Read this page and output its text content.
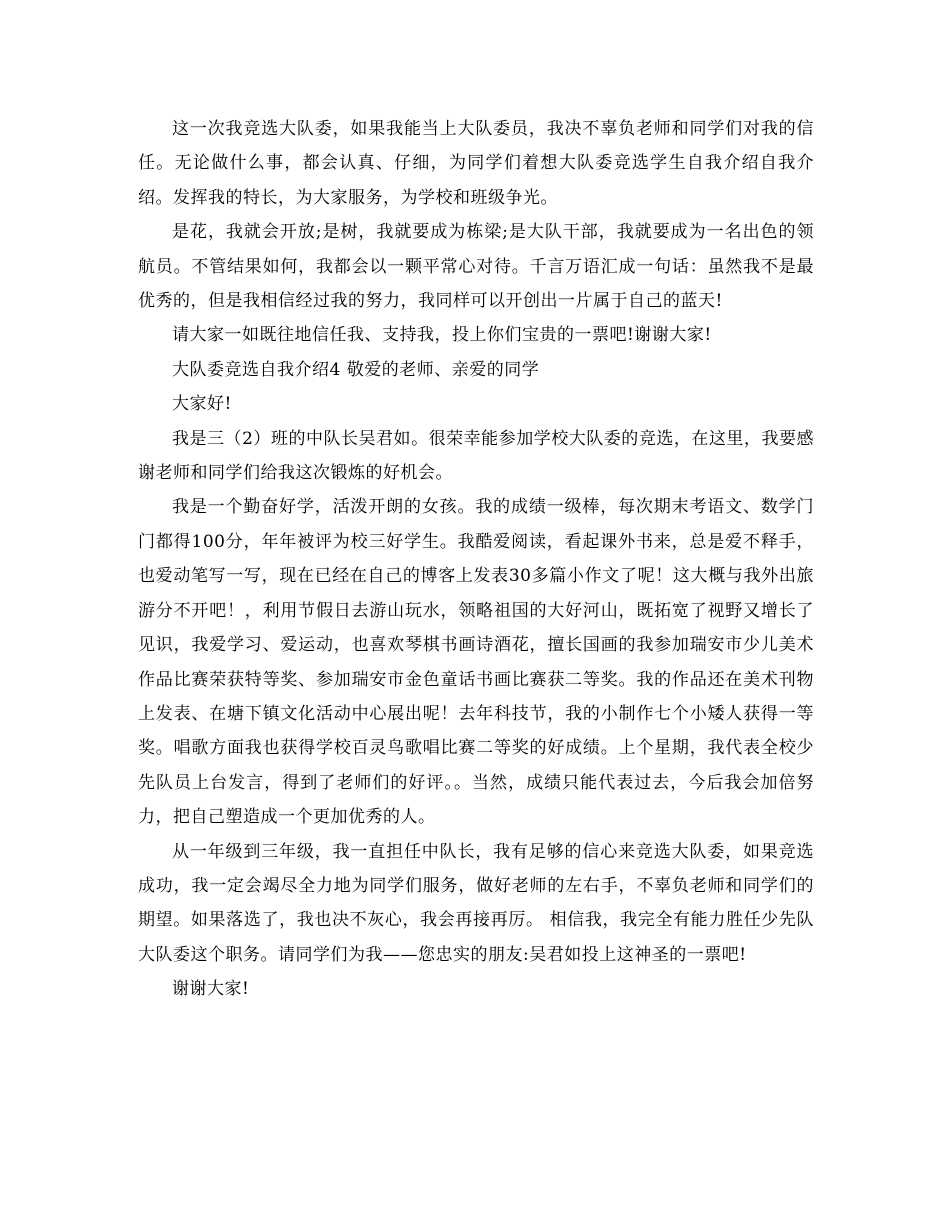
这一次我竞选大队委，如果我能当上大队委员，我决不辜负老师和同学们对我的信任。无论做什么事，都会认真、仔细，为同学们着想大队委竞选学生自我介绍自我介绍。发挥我的特长，为大家服务，为学校和班级争光。

是花，我就会开放;是树，我就要成为栋梁;是大队干部，我就要成为一名出色的领航员。不管结果如何，我都会以一颗平常心对待。千言万语汇成一句话：虽然我不是最优秀的，但是我相信经过我的努力，我同样可以开创出一片属于自己的蓝天!

请大家一如既往地信任我、支持我，投上你们宝贵的一票吧!谢谢大家!

大队委竞选自我介绍4 敬爱的老师、亲爱的同学

大家好!

我是三（2）班的中队长吴君如。很荣幸能参加学校大队委的竞选，在这里，我要感谢老师和同学们给我这次锻炼的好机会。

我是一个勤奋好学，活泼开朗的女孩。我的成绩一级棒，每次期末考语文、数学门门都得100分，年年被评为校三好学生。我酷爱阅读，看起课外书来，总是爱不释手，也爱动笔写一写，现在已经在自己的博客上发表30多篇小作文了呢！这大概与我外出旅游分不开吧！，利用节假日去游山玩水，领略祖国的大好河山，既拓宽了视野又增长了见识，我爱学习、爱运动，也喜欢琴棋书画诗酒花，擅长国画的我参加瑞安市少儿美术作品比赛荣获特等奖、参加瑞安市金色童话书画比赛获二等奖。我的作品还在美术刊物上发表、在塘下镇文化活动中心展出呢！去年科技节，我的小制作七个小矮人获得一等奖。唱歌方面我也获得学校百灵鸟歌唱比赛二等奖的好成绩。上个星期，我代表全校少先队员上台发言，得到了老师们的好评。。当然，成绩只能代表过去，今后我会加倍努力，把自己塑造成一个更加优秀的人。

从一年级到三年级，我一直担任中队长，我有足够的信心来竞选大队委，如果竞选成功，我一定会竭尽全力地为同学们服务，做好老师的左右手，不辜负老师和同学们的期望。如果落选了，我也决不灰心，我会再接再厉。 相信我，我完全有能力胜任少先队大队委这个职务。请同学们为我——您忠实的朋友:吴君如投上这神圣的一票吧!

谢谢大家!
